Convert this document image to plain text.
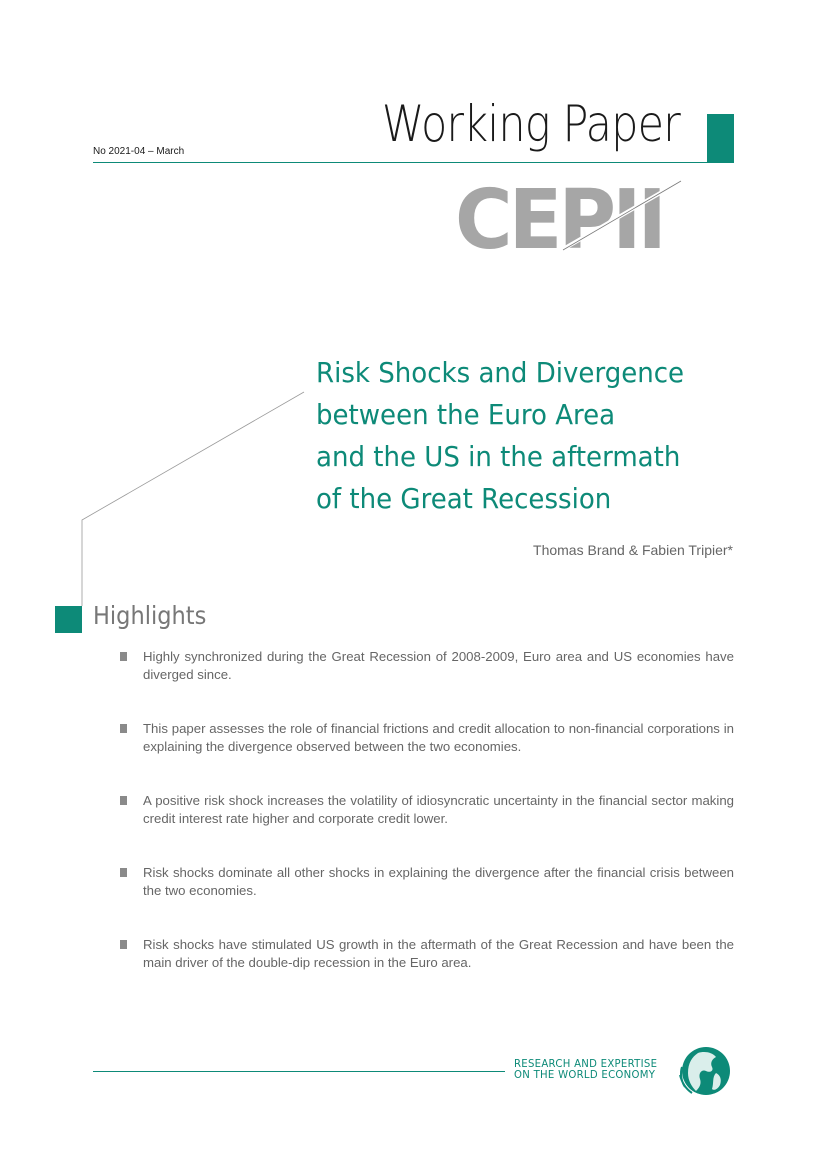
Working Paper
No 2021-04 – March
CEPII
Risk Shocks and Divergence
between the Euro Area
and the US in the aftermath
of the Great Recession
Thomas Brand & Fabien Tripier*
Highlights
Highly synchronized during the Great Recession of 2008-2009, Euro area and US economies have diverged since.
This paper assesses the role of financial frictions and credit allocation to non-financial corporations in explaining the divergence observed between the two economies.
A positive risk shock increases the volatility of idiosyncratic uncertainty in the financial sector making credit interest rate higher and corporate credit lower.
Risk shocks dominate all other shocks in explaining the divergence after the financial crisis between the two economies.
Risk shocks have stimulated US growth in the aftermath of the Great Recession and have been the main driver of the double-dip recession in the Euro area.
RESEARCH AND EXPERTISE
ON THE WORLD ECONOMY
